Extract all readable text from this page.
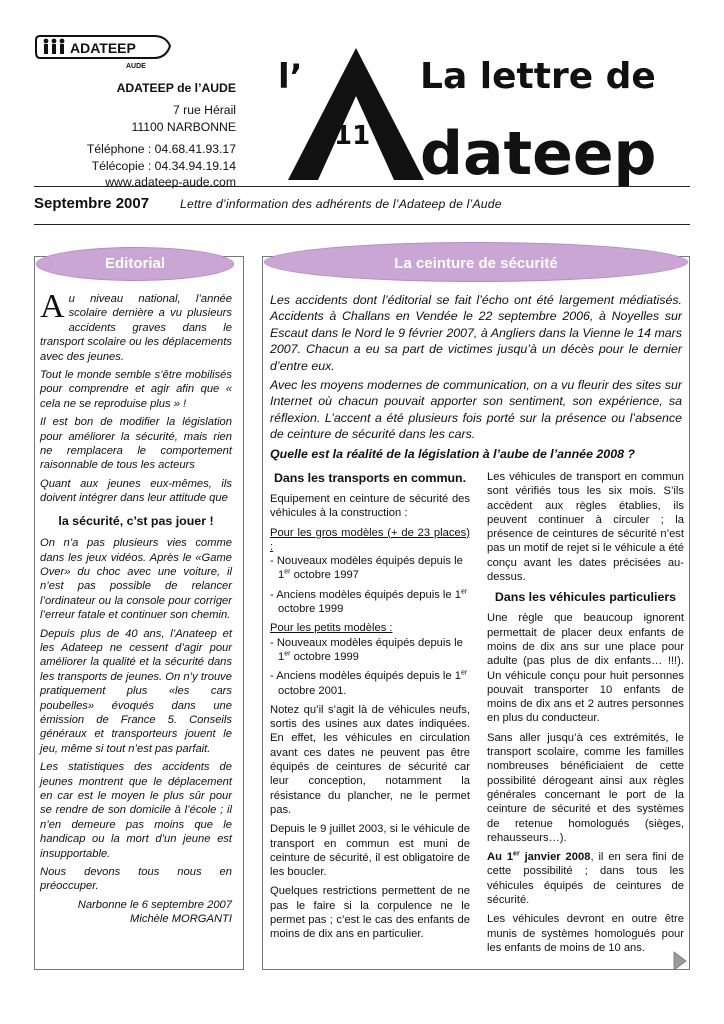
ADATEEP
AUDE
ADATEEP de l’AUDE
7 rue Hérail
11100 NARBONNE
Téléphone : 04.68.41.93.17
Télécopie : 04.34.94.19.14
www.adateep-aude.com
l’	La lettre de
11 dateep
Septembre 2007	Lettre d’information des adhérents de l’Adateep de l’Aude
Editorial

Au niveau national, l’année scolaire dernière a vu plusieurs accidents graves dans le transport scolaire ou les déplacements avec des jeunes.

Tout le monde semble s’être mobilisés pour comprendre et agir afin que « cela ne se reproduise plus » !

Il est bon de modifier la législation pour améliorer la sécurité, mais rien ne remplacera le comportement raisonnable de tous les acteurs

Quant aux jeunes eux-mêmes, ils doivent intégrer dans leur attitude que

la sécurité, c’st pas jouer !

On n’a pas plusieurs vies comme dans les jeux vidéos. Après le «Game Over» du choc avec une voiture, il n’est pas possible de relancer l’ordinateur ou la console pour corriger l’erreur fatale et continuer son chemin.

Depuis plus de 40 ans, l’Anateep et les Adateep ne cessent d’agir pour améliorer la qualité et la sécurité dans les transports de jeunes. On n’y trouve pratiquement plus «les cars poubelles» évoqués dans une émission de France 5. Conseils généraux et transporteurs jouent le jeu, même si tout n’est pas parfait.

Les statistiques des accidents de jeunes montrent que le déplacement en car est le moyen le plus sûr pour se rendre de son domicile à l’école ; il n’en demeure pas moins que le handicap ou la mort d’un jeune est insupportable.

Nous devons tous nous en préoccuper.

Narbonne le 6 septembre 2007
Michèle MORGANTI
La ceinture de sécurité

Les accidents dont l’éditorial se fait l’écho ont été largement médiatisés. Accidents à Challans en Vendée le 22 septembre 2006, à Noyelles sur Escaut dans le Nord le 9 février 2007, à Angliers dans la Vienne le 14 mars 2007. Chacun a eu sa part de victimes jusqu’à un décès pour le dernier d’entre eux.

Avec les moyens modernes de communication, on a vu fleurir des sites sur Internet où chacun pouvait apporter son sentiment, son expérience, sa réflexion. L’accent a été plusieurs fois porté sur la présence ou l’absence de ceinture de sécurité dans les cars.

Quelle est la réalité de la législation à l’aube de l’année 2008 ?

Dans les transports en commun.

Equipement en ceinture de sécurité des véhicules à la construction :

Pour les gros modèles (+ de 23 places) :

- Nouveaux modèles équipés depuis le 1er octobre 1997

- Anciens modèles équipés depuis le 1er octobre 1999

Pour les petits modèles :

- Nouveaux modèles équipés depuis le 1er octobre 1999

- Anciens modèles équipés depuis le 1er octobre 2001.

Notez qu’il s’agit là de véhicules neufs, sortis des usines aux dates indiquées. En effet, les véhicules en circulation avant ces dates ne peuvent pas être équipés de ceintures de sécurité car leur conception, notamment la résistance du plancher, ne le permet pas.

Depuis le 9 juillet 2003, si le véhicule de transport en commun est muni de ceinture de sécurité, il est obligatoire de les boucler.

Quelques restrictions permettent de ne pas le faire si la corpulence ne le permet pas ; c’est le cas des enfants de moins de dix ans en particulier.

Les véhicules de transport en commun sont vérifiés tous les six mois. S’ils accèdent aux règles établies, ils peuvent continuer à circuler ; la présence de ceintures de sécurité n’est pas un motif de rejet si le véhicule a été conçu avant les dates précisées au-dessus.

Dans les véhicules particuliers

Une règle que beaucoup ignorent permettait de placer deux enfants de moins de dix ans sur une place pour adulte (pas plus de dix enfants… !!!). Un véhicule conçu pour huit personnes pouvait transporter 10 enfants de moins de dix ans et 2 autres personnes en plus du conducteur.

Sans aller jusqu’à ces extrémités, le transport scolaire, comme les familles nombreuses bénéficiaient de cette possibilité dérogeant ainsi aux règles générales concernant le port de la ceinture de sécurité et des systèmes de retenue homologués (sièges, rehausseurs…).

Au 1er janvier 2008, il en sera fini de cette possibilité ; dans tous les véhicules équipés de ceintures de sécurité.

Les véhicules devront en outre être munis de systèmes homologués pour les enfants de moins de 10 ans.
